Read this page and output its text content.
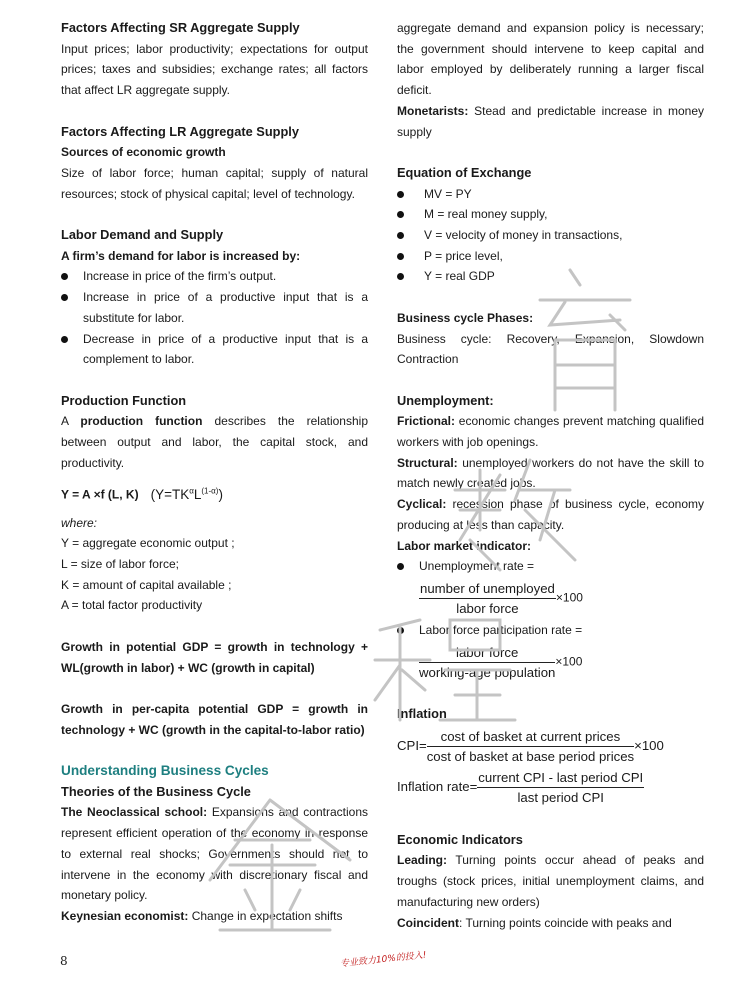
Factors Affecting SR Aggregate Supply
Input prices; labor productivity; expectations for output prices; taxes and subsidies; exchange rates; all factors that affect LR aggregate supply.
Factors Affecting LR Aggregate Supply
Sources of economic growth
Size of labor force; human capital; supply of natural resources; stock of physical capital; level of technology.
Labor Demand and Supply
A firm’s demand for labor is increased by:
Increase in price of the firm’s output.
Increase in price of a productive input that is a substitute for labor.
Decrease in price of a productive input that is a complement to labor.
Production Function
A production function describes the relationship between output and labor, the capital stock, and productivity.
Y = A ×f (L, K) $(Y=TK^\alpha L^{(1-\alpha)})$
where:
Y = aggregate economic output ;
L = size of labor force;
K = amount of capital available ;
A = total factor productivity
Growth in potential GDP = growth in technology + WL(growth in labor) + WC (growth in capital)
Growth in per-capita potential GDP = growth in technology + WC (growth in the capital-to-labor ratio)
Understanding Business Cycles
Theories of the Business Cycle
The Neoclassical school: Expansions and contractions represent efficient operation of the economy in response to external real shocks; Governments should not to intervene in the economy with discretionary fiscal and monetary policy.
Keynesian economist: Change in expectation shifts
aggregate demand and expansion policy is necessary; the government should intervene to keep capital and labor employed by deliberately running a larger fiscal deficit.
Monetarists: Stead and predictable increase in money supply
Equation of Exchange
MV = PY
M = real money supply,
V = velocity of money in transactions,
P = price level,
Y = real GDP
Business cycle Phases:
Business cycle: Recovery, Expansion, Slowdown Contraction
Unemployment:
Frictional: economic changes prevent matching qualified workers with job openings.
Structural: unemployed workers do not have the skill to match newly created jobs.
Cyclical: recession phase of business cycle, economy producing at less than capacity.
Labor market indicator:
Unemployment rate =
$\frac{\text{number of unemployed}}{\text{labor force}} \times 100$
Labor force participation rate =
$\frac{\text{labor force}}{\text{working-age population}} \times 100$
Inflation
$CPI= \frac{\text{cost of basket at current prices}}{\text{cost of basket at base period prices}} \times 100$
Inflation rate= $\frac{\text{current CPI - last period CPI}}{\text{last period CPI}}$
Economic Indicators
Leading: Turning points occur ahead of peaks and troughs (stock prices, initial unemployment claims, and manufacturing new orders)
Coincident: Turning points coincide with peaks and
8	专业致力10%的投入!
